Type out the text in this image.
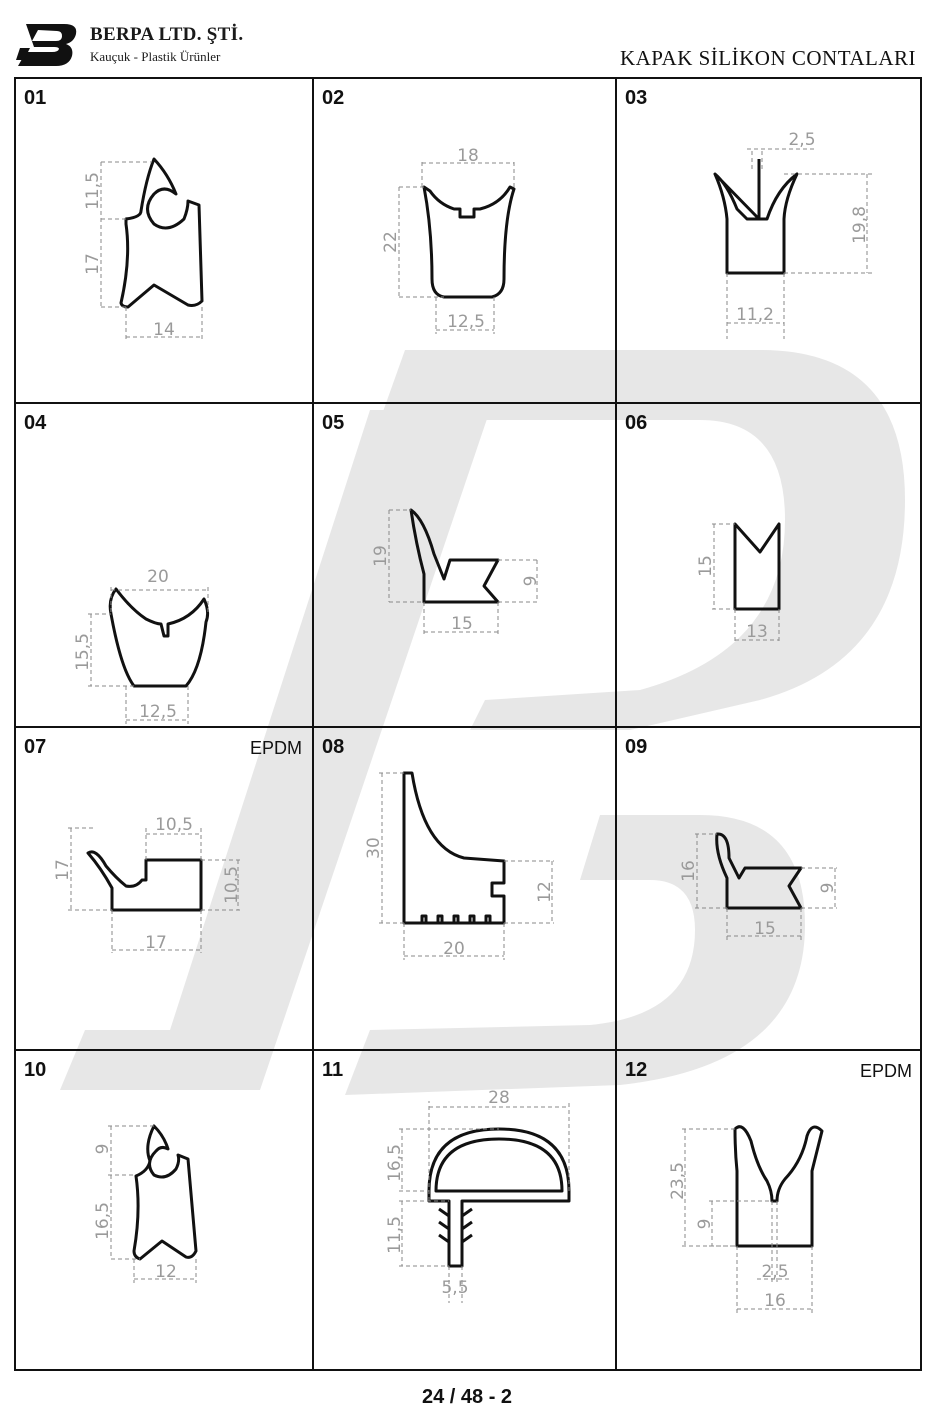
BERPA LTD. ŞTİ.
Kauçuk - Plastik Ürünler	KAPAK SİLİKON CONTALARI
01
11,5
17
14
02
18
22
12,5
03
2,5
19,8
11,2
04
20
15,5
12,5
05
19
9
15
06
15
13
07	EPDM
10,5
17	10,5
17
08
30
12
20
09
16
9
15
10
9
16,5
12
11
28
16,5
11,5
5,5
12	EPDM
23,5
9
2,5
16
24 / 48 - 2
